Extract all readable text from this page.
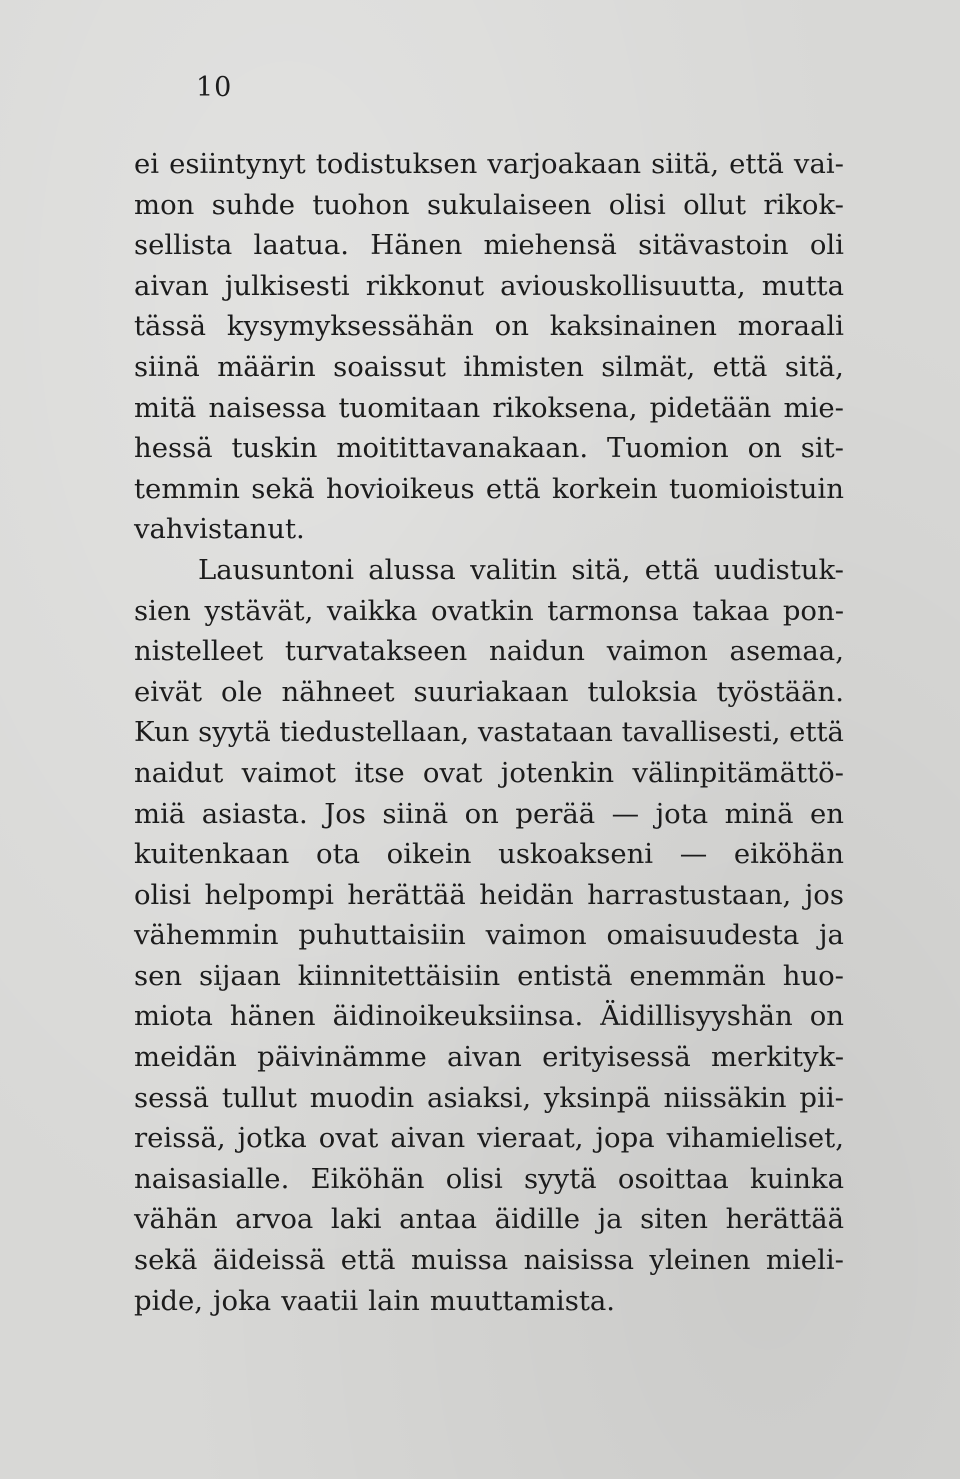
10
ei esiintynyt todistuksen varjoakaan siitä, että vai-
mon suhde tuohon sukulaiseen olisi ollut rikok-
sellista laatua. Hänen miehensä sitävastoin oli
aivan julkisesti rikkonut aviouskollisuutta, mutta
tässä kysymyksessähän on kaksinainen moraali
siinä määrin soaissut ihmisten silmät, että sitä,
mitä naisessa tuomitaan rikoksena, pidetään mie-
hessä tuskin moitittavanakaan. Tuomion on sit-
temmin sekä hovioikeus että korkein tuomioistuin
vahvistanut.
Lausuntoni alussa valitin sitä, että uudistuk-
sien ystävät, vaikka ovatkin tarmonsa takaa pon-
nistelleet turvatakseen naidun vaimon asemaa,
eivät ole nähneet suuriakaan tuloksia työstään.
Kun syytä tiedustellaan, vastataan tavallisesti, että
naidut vaimot itse ovat jotenkin välinpitämättö-
miä asiasta. Jos siinä on perää — jota minä en
kuitenkaan ota oikein uskoakseni — eiköhän
olisi helpompi herättää heidän harrastustaan, jos
vähemmin puhuttaisiin vaimon omaisuudesta ja
sen sijaan kiinnitettäisiin entistä enemmän huo-
miota hänen äidinoikeuksiinsa. Äidillisyyshän on
meidän päivinämme aivan erityisessä merkityk-
sessä tullut muodin asiaksi, yksinpä niissäkin pii-
reissä, jotka ovat aivan vieraat, jopa vihamieliset,
naisasialle. Eiköhän olisi syytä osoittaa kuinka
vähän arvoa laki antaa äidille ja siten herättää
sekä äideissä että muissa naisissa yleinen mieli-
pide, joka vaatii lain muuttamista.
